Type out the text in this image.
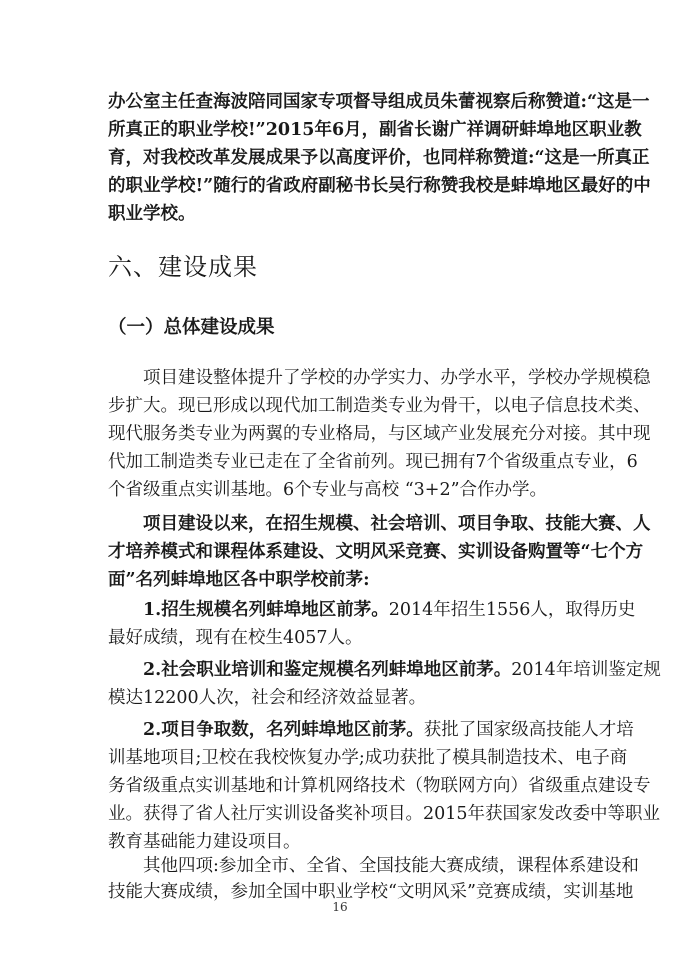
办公室主任查海波陪同国家专项督导组成员朱蕾视察后称赞道:“这是一
所真正的职业学校!”2015年6月，副省长谢广祥调研蚌埠地区职业教
育，对我校改革发展成果予以高度评价，也同样称赞道:“这是一所真正
的职业学校!”随行的省政府副秘书长吴行称赞我校是蚌埠地区最好的中
职业学校。
六、建设成果
（一）总体建设成果
项目建设整体提升了学校的办学实力、办学水平，学校办学规模稳
步扩大。现已形成以现代加工制造类专业为骨干，以电子信息技术类、
现代服务类专业为两翼的专业格局，与区域产业发展充分对接。其中现
代加工制造类专业已走在了全省前列。现已拥有7个省级重点专业，6
个省级重点实训基地。6个专业与高校 “3+2”合作办学。
项目建设以来，在招生规模、社会培训、项目争取、技能大赛、人
才培养模式和课程体系建设、文明风采竞赛、实训设备购置等“七个方
面”名列蚌埠地区各中职学校前茅:
1.招生规模名列蚌埠地区前茅。2014年招生1556人，取得历史
最好成绩，现有在校生4057人。
2.社会职业培训和鉴定规模名列蚌埠地区前茅。2014年培训鉴定规
模达12200人次，社会和经济效益显著。
2.项目争取数，名列蚌埠地区前茅。获批了国家级高技能人才培
训基地项目;卫校在我校恢复办学;成功获批了模具制造技术、电子商
务省级重点实训基地和计算机网络技术（物联网方向）省级重点建设专
业。获得了省人社厅实训设备奖补项目。2015年获国家发改委中等职业
教育基础能力建设项目。
其他四项:参加全市、全省、全国技能大赛成绩，课程体系建设和
技能大赛成绩，参加全国中职业学校“文明风采”竞赛成绩，实训基地
16
